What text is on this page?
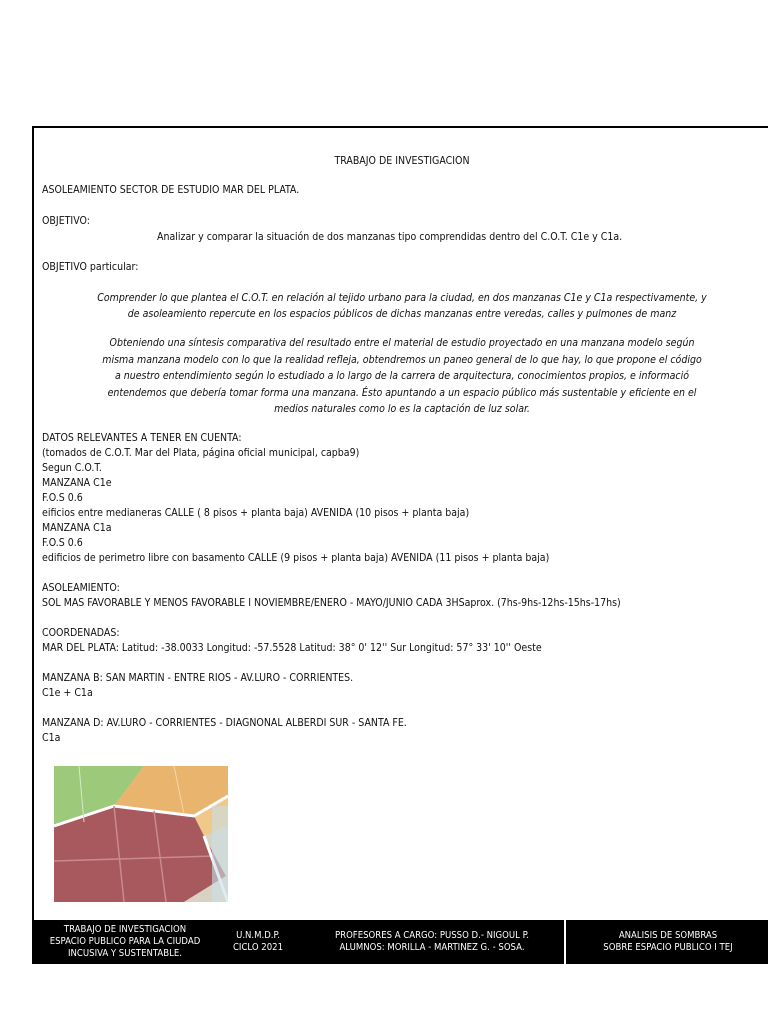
TRABAJO DE INVESTIGACION
ASOLEAMIENTO SECTOR DE ESTUDIO MAR DEL PLATA.
OBJETIVO:
Analizar y comparar la situación de dos manzanas tipo comprendidas dentro del C.O.T. C1e y C1a.
OBJETIVO particular:
Comprender lo que plantea el C.O.T. en relación al tejido urbano para la ciudad, en dos manzanas C1e y C1a respectivamente, y
de asoleamiento repercute en los espacios públicos de dichas manzanas entre veredas, calles y pulmones de manz
Obteniendo una síntesis comparativa del resultado entre el material de estudio proyectado en una manzana modelo según
misma manzana modelo con lo que la realidad refleja, obtendremos un paneo general de lo que hay, lo que propone el código
a nuestro entendimiento según lo estudiado a lo largo de la carrera de arquitectura, conocimientos propios, e informació
entendemos que debería tomar forma una manzana. Ésto apuntando a un espacio público más sustentable y eficiente en el
medios naturales como lo es la captación de luz solar.
DATOS RELEVANTES A TENER EN CUENTA:
(tomados de C.O.T. Mar del Plata, página oficial municipal, capba9)
Segun C.O.T.
MANZANA C1e
F.O.S 0.6
eificios entre medianeras CALLE ( 8 pisos + planta baja) AVENIDA (10 pisos + planta baja)
MANZANA C1a
F.O.S 0.6
edificios de perimetro libre con basamento CALLE (9 pisos + planta baja) AVENIDA (11 pisos + planta baja)
ASOLEAMIENTO:
SOL MAS FAVORABLE Y MENOS FAVORABLE I NOVIEMBRE/ENERO - MAYO/JUNIO CADA 3HSaprox. (7hs-9hs-12hs-15hs-17hs)
COORDENADAS:
MAR DEL PLATA: Latitud: -38.0033 Longitud: -57.5528 Latitud: 38° 0' 12'' Sur Longitud: 57° 33' 10'' Oeste
MANZANA B: SAN MARTIN - ENTRE RIOS - AV.LURO - CORRIENTES.
C1e + C1a
MANZANA D: AV.LURO - CORRIENTES - DIAGNONAL ALBERDI SUR - SANTA FE.
C1a
TRABAJO DE INVESTIGACION
ESPACIO PUBLICO PARA LA CIUDAD
INCUSIVA Y SUSTENTABLE.
U.N.M.D.P.
CICLO 2021
PROFESORES A CARGO: PUSSO D.- NIGOUL P.
ALUMNOS: MORILLA - MARTINEZ G. - SOSA.
ANALISIS DE SOMBRAS
SOBRE ESPACIO PUBLICO I TEJ
